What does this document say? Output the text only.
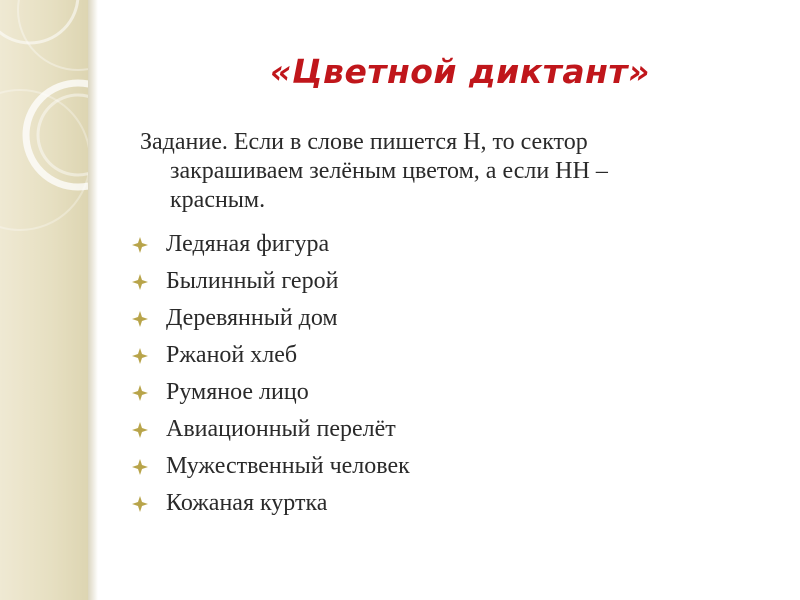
«Цветной диктант»
Задание. Если в слове пишется Н, то сектор
закрашиваем зелёным цветом, а если НН –
красным.
Ледяная фигура
Былинный герой
Деревянный дом
Ржаной хлеб
Румяное лицо
Авиационный перелёт
Мужественный человек
Кожаная куртка
